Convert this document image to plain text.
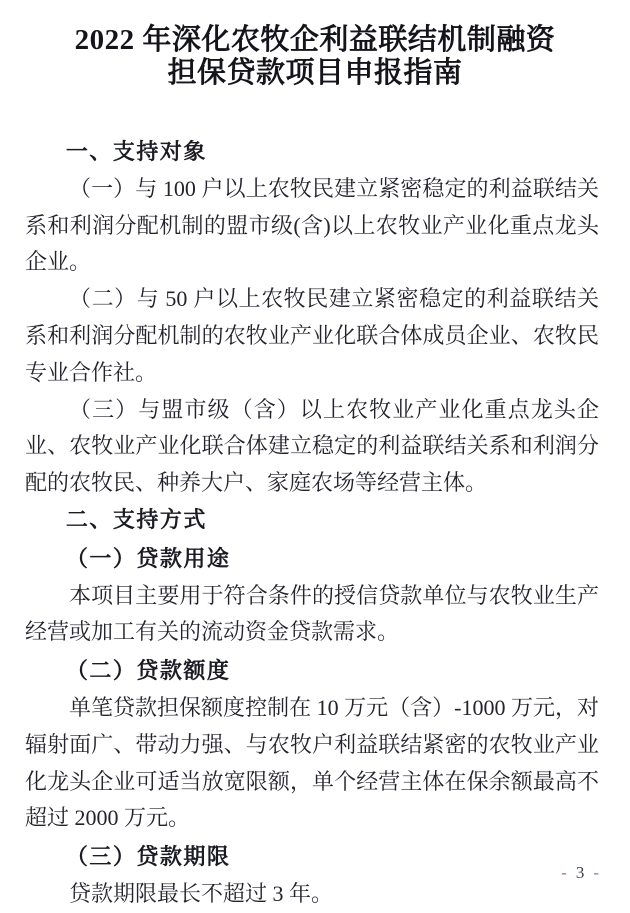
2022 年深化农牧企利益联结机制融资
担保贷款项目申报指南
一、支持对象

（一）与 100 户以上农牧民建立紧密稳定的利益联结关系和利润分配机制的盟市级(含)以上农牧业产业化重点龙头企业。

（二）与 50 户以上农牧民建立紧密稳定的利益联结关系和利润分配机制的农牧业产业化联合体成员企业、农牧民专业合作社。

（三）与盟市级（含）以上农牧业产业化重点龙头企业、农牧业产业化联合体建立稳定的利益联结关系和利润分配的农牧民、种养大户、家庭农场等经营主体。

二、支持方式
（一）贷款用途

本项目主要用于符合条件的授信贷款单位与农牧业生产经营或加工有关的流动资金贷款需求。

（二）贷款额度

单笔贷款担保额度控制在 10 万元（含）-1000 万元，对辐射面广、带动力强、与农牧户利益联结紧密的农牧业产业化龙头企业可适当放宽限额，单个经营主体在保余额最高不超过 2000 万元。

（三）贷款期限

贷款期限最长不超过 3 年。

- 3 -
